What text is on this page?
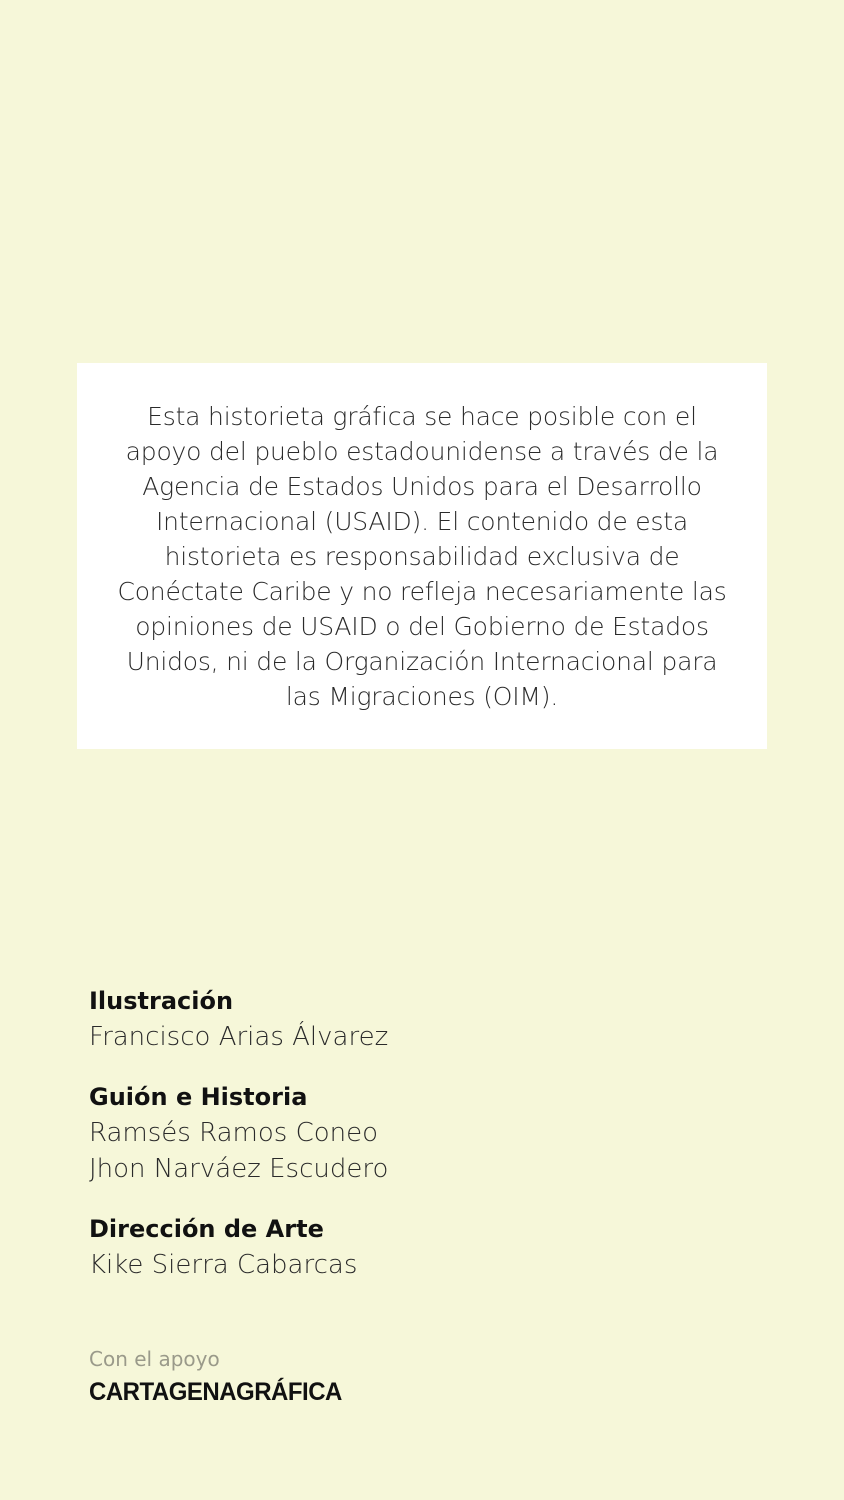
Esta historieta gráfica se hace posible con el apoyo del pueblo estadounidense a través de la Agencia de Estados Unidos para el Desarrollo Internacional (USAID). El contenido de esta historieta es responsabilidad exclusiva de Conéctate Caribe y no refleja necesariamente las opiniones de USAID o del Gobierno de Estados Unidos, ni de la Organización Internacional para las Migraciones (OIM).

Ilustración
Francisco Arias Álvarez
Guión e Historia
Ramsés Ramos Coneo
Jhon Narváez Escudero
Dirección de Arte
Kike Sierra Cabarcas
Con el apoyo
CARTAGENAGRÁFICA
